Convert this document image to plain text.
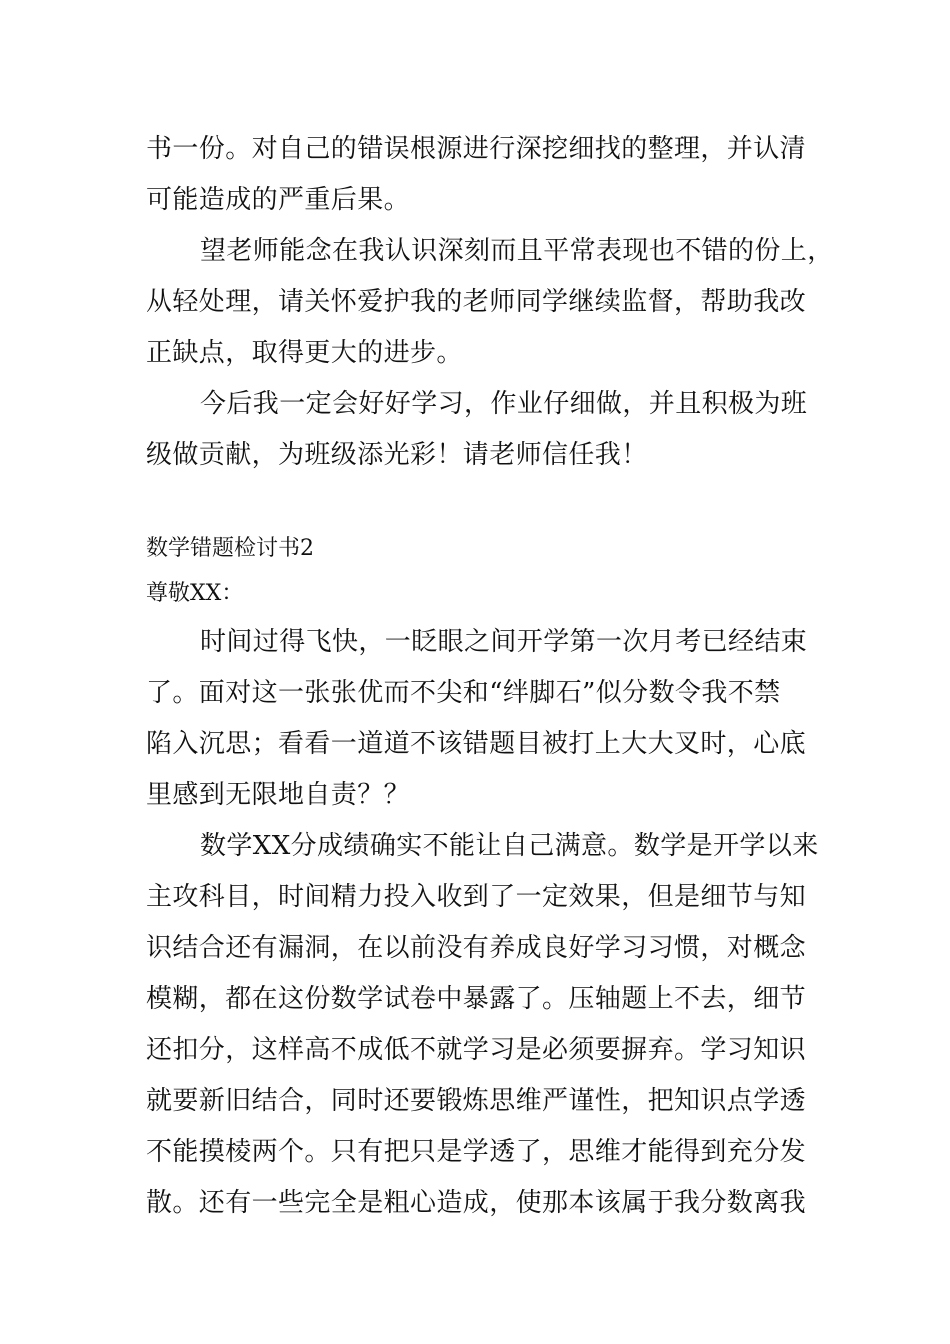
书一份。对自己的错误根源进行深挖细找的整理，并认清
可能造成的严重后果。
望老师能念在我认识深刻而且平常表现也不错的份上，
从轻处理，请关怀爱护我的老师同学继续监督，帮助我改
正缺点，取得更大的进步。
今后我一定会好好学习，作业仔细做，并且积极为班
级做贡献，为班级添光彩！请老师信任我！
数学错题检讨书2
尊敬XX：
时间过得飞快，一眨眼之间开学第一次月考已经结束
了。面对这一张张优而不尖和“绊脚石”似分数令我不禁
陷入沉思；看看一道道不该错题目被打上大大叉时，心底
里感到无限地自责？？
数学XX分成绩确实不能让自己满意。数学是开学以来
主攻科目，时间精力投入收到了一定效果，但是细节与知
识结合还有漏洞，在以前没有养成良好学习习惯，对概念
模糊，都在这份数学试卷中暴露了。压轴题上不去，细节
还扣分，这样高不成低不就学习是必须要摒弃。学习知识
就要新旧结合，同时还要锻炼思维严谨性，把知识点学透
不能摸棱两个。只有把只是学透了，思维才能得到充分发
散。还有一些完全是粗心造成，使那本该属于我分数离我
